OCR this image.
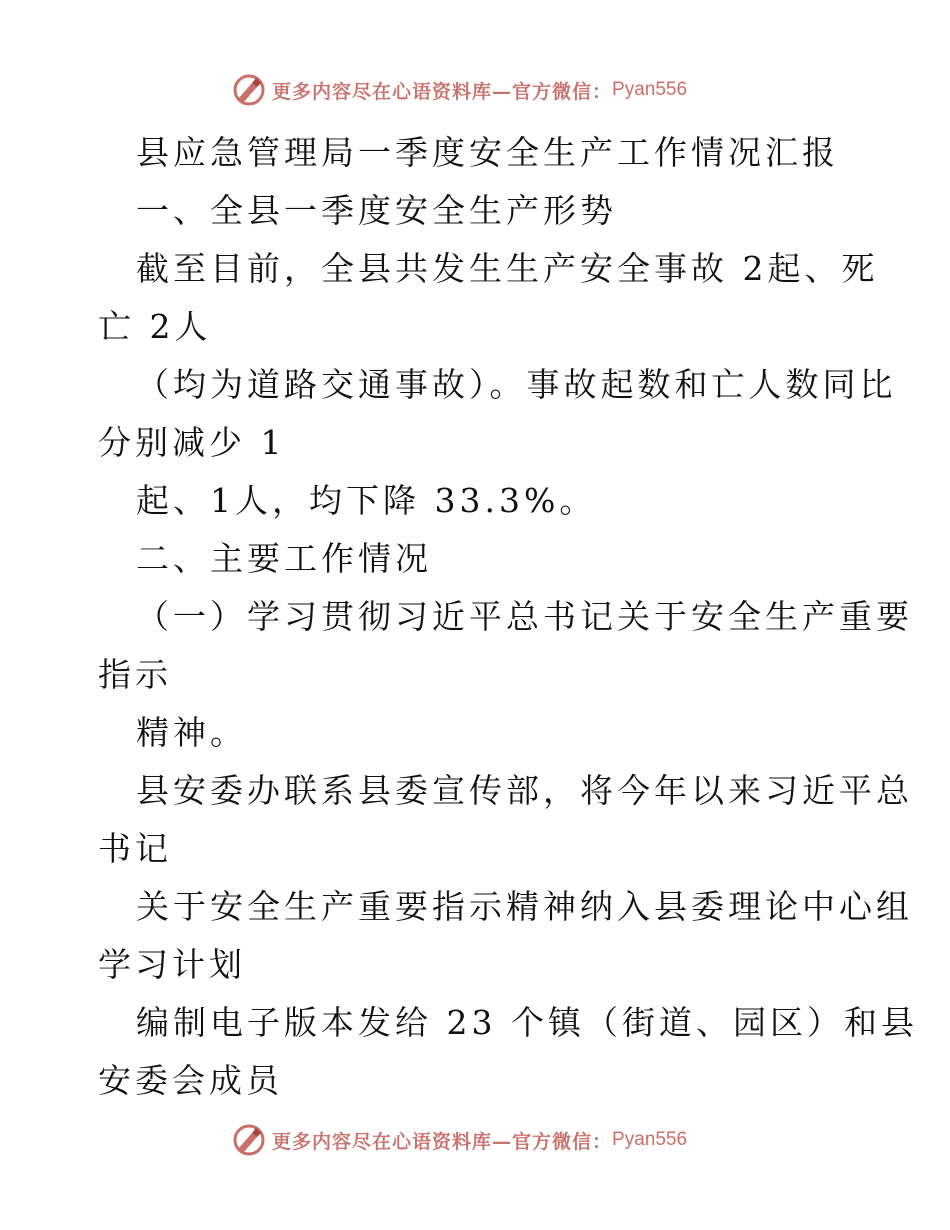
更多内容尽在心语资料库—官方微信： Pyan556
县应急管理局一季度安全生产工作情况汇报
一、全县一季度安全生产形势
截至目前，全县共发生生产安全事故 2起、死
亡 2人
（均为道路交通事故）。事故起数和亡人数同比
分别减少 1
起、1人，均下降 33.3%。
二、主要工作情况
（一）学习贯彻习近平总书记关于安全生产重要
指示
精神。
县安委办联系县委宣传部，将今年以来习近平总
书记
关于安全生产重要指示精神纳入县委理论中心组
学习计划
编制电子版本发给 23 个镇（街道、园区）和县
安委会成员
更多内容尽在心语资料库—官方微信： Pyan556
